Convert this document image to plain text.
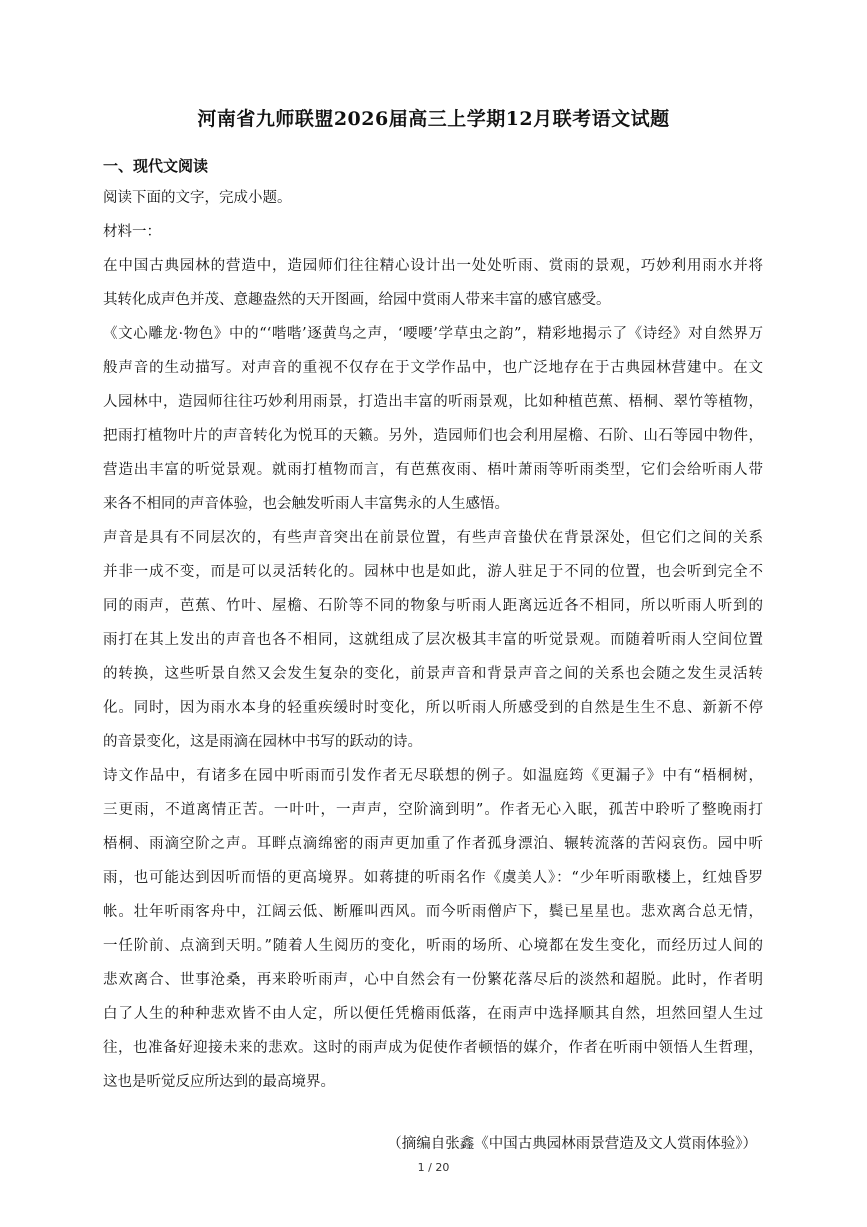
河南省九师联盟2026届高三上学期12月联考语文试题
一、现代文阅读
阅读下面的文字，完成小题。
材料一：
在中国古典园林的营造中，造园师们往往精心设计出一处处听雨、赏雨的景观，巧妙利用雨水并将
其转化成声色并茂、意趣盎然的天开图画，给园中赏雨人带来丰富的感官感受。
《文心雕龙·物色》中的“‘喈喈’逐黄鸟之声，‘喓喓’学草虫之韵”，精彩地揭示了《诗经》对自然界万
般声音的生动描写。对声音的重视不仅存在于文学作品中，也广泛地存在于古典园林营建中。在文
人园林中，造园师往往巧妙利用雨景，打造出丰富的听雨景观，比如种植芭蕉、梧桐、翠竹等植物，
把雨打植物叶片的声音转化为悦耳的天籁。另外，造园师们也会利用屋檐、石阶、山石等园中物件，
营造出丰富的听觉景观。就雨打植物而言，有芭蕉夜雨、梧叶萧雨等听雨类型，它们会给听雨人带
来各不相同的声音体验，也会触发听雨人丰富隽永的人生感悟。
声音是具有不同层次的，有些声音突出在前景位置，有些声音蛰伏在背景深处，但它们之间的关系
并非一成不变，而是可以灵活转化的。园林中也是如此，游人驻足于不同的位置，也会听到完全不
同的雨声，芭蕉、竹叶、屋檐、石阶等不同的物象与听雨人距离远近各不相同，所以听雨人听到的
雨打在其上发出的声音也各不相同，这就组成了层次极其丰富的听觉景观。而随着听雨人空间位置
的转换，这些听景自然又会发生复杂的变化，前景声音和背景声音之间的关系也会随之发生灵活转
化。同时，因为雨水本身的轻重疾缓时时变化，所以听雨人所感受到的自然是生生不息、新新不停
的音景变化，这是雨滴在园林中书写的跃动的诗。
诗文作品中，有诸多在园中听雨而引发作者无尽联想的例子。如温庭筠《更漏子》中有“梧桐树，
三更雨，不道离情正苦。一叶叶，一声声，空阶滴到明”。作者无心入眠，孤苦中聆听了整晚雨打
梧桐、雨滴空阶之声。耳畔点滴绵密的雨声更加重了作者孤身漂泊、辗转流落的苦闷哀伤。园中听
雨，也可能达到因听而悟的更高境界。如蒋捷的听雨名作《虞美人》：“少年听雨歌楼上，红烛昏罗
帐。壮年听雨客舟中，江阔云低、断雁叫西风。而今听雨僧庐下，鬓已星星也。悲欢离合总无情，
一任阶前、点滴到天明。”随着人生阅历的变化，听雨的场所、心境都在发生变化，而经历过人间的
悲欢离合、世事沧桑，再来聆听雨声，心中自然会有一份繁花落尽后的淡然和超脱。此时，作者明
白了人生的种种悲欢皆不由人定，所以便任凭檐雨低落，在雨声中选择顺其自然，坦然回望人生过
往，也准备好迎接未来的悲欢。这时的雨声成为促使作者顿悟的媒介，作者在听雨中领悟人生哲理，
这也是听觉反应所达到的最高境界。
（摘编自张鑫《中国古典园林雨景营造及文人赏雨体验》）
1 / 20
